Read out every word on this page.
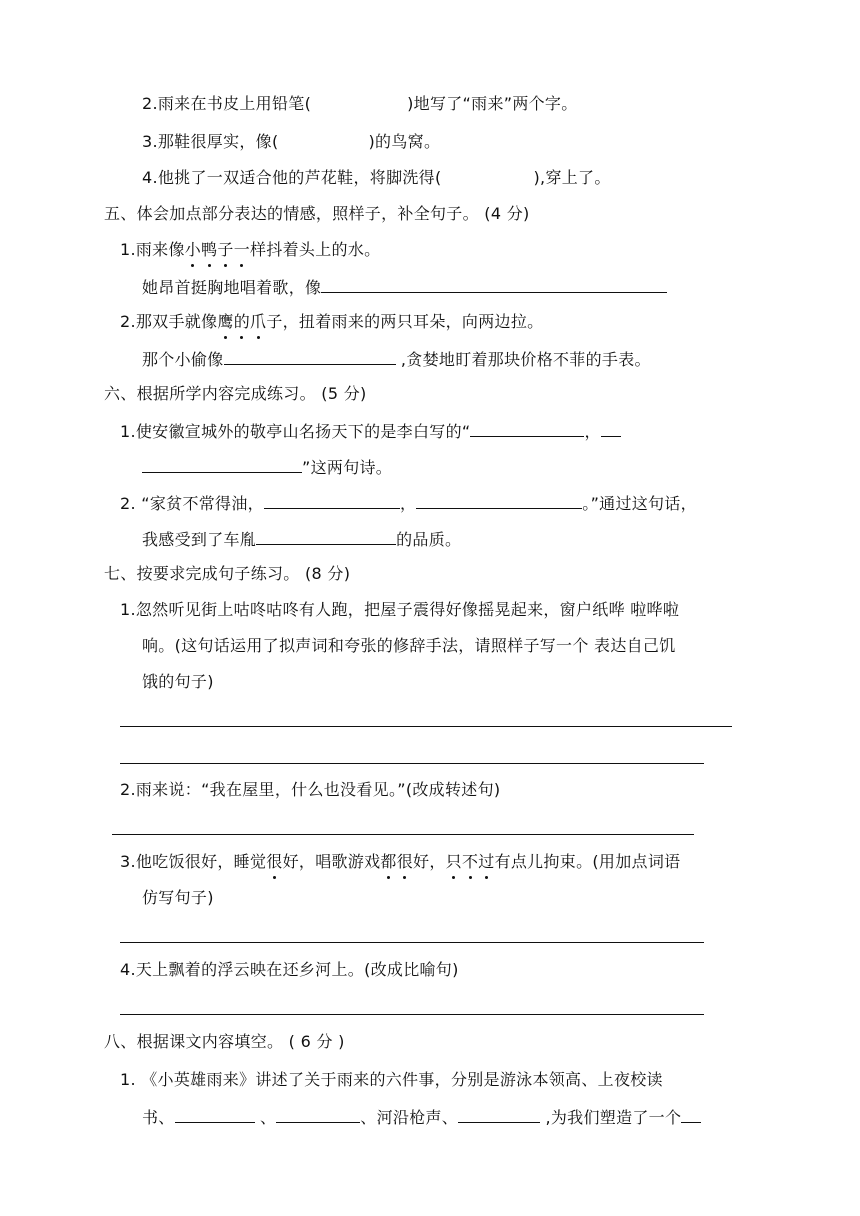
2.雨来在书皮上用铅笔(	)地写了“雨来”两个字。
3.那鞋很厚实，像(	)的鸟窝。
4.他挑了一双适合他的芦花鞋，将脚洗得(	),穿上了。
五、体会加点部分表达的情感，照样子，补全句子。 (4 分)
1.雨来像小鸭子一样抖着头上的水。
她昂首挺胸地唱着歌，像
2.那双手就像鹰的爪子，扭着雨来的两只耳朵，向两边拉。
那个小偷像	,贪婪地盯着那块价格不菲的手表。
六、根据所学内容完成练习。 (5 分)
1.使安徽宣城外的敬亭山名扬天下的是李白写的“	，
”这两句诗。
2. “家贫不常得油，	，	。”通过这句话，
我感受到了车胤	的品质。
七、按要求完成句子练习。 (8 分)
1.忽然听见街上咕咚咕咚有人跑，把屋子震得好像摇晃起来，窗户纸哗 啦哗啦
响。(这句话运用了拟声词和夸张的修辞手法，请照样子写一个 表达自己饥
饿的句子)
2.雨来说：“我在屋里，什么也没看见。”(改成转述句)
3.他吃饭很好，睡觉很好，唱歌游戏都很好，只不过有点儿拘束。(用加点词语
仿写句子)
4.天上飘着的浮云映在还乡河上。(改成比喻句)
八、根据课文内容填空。 ( 6 分 )
1. 《小英雄雨来》讲述了关于雨来的六件事，分别是游泳本领高、上夜校读
书、	、	、河沿枪声、	,为我们塑造了一个
